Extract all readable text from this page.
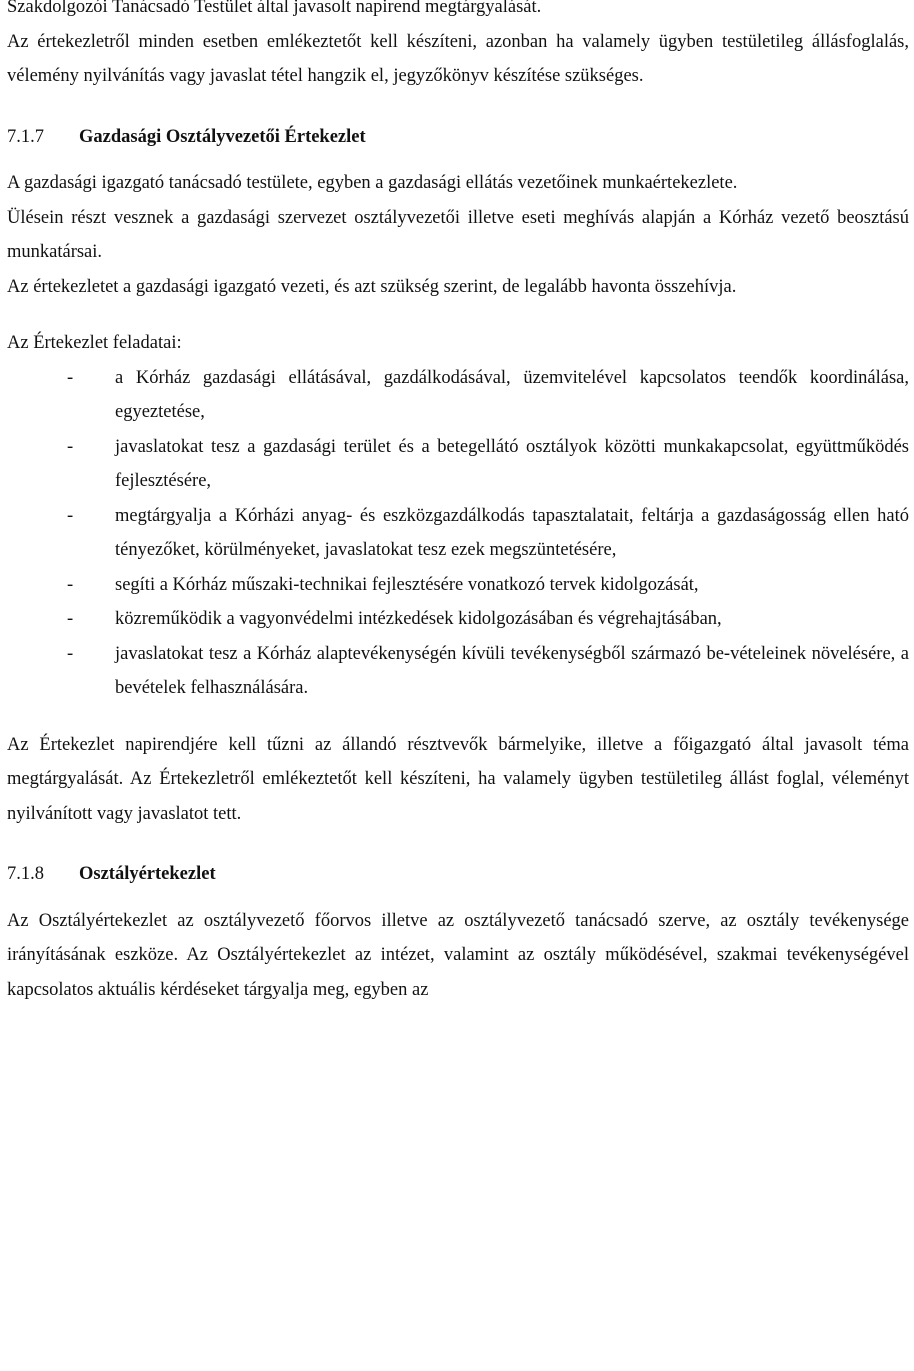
Szakdolgozói Tanácsadó Testület által javasolt napirend megtárgyalását.

Az értekezletről minden esetben emlékeztetőt kell készíteni, azonban ha valamely ügyben testületileg állásfoglalás, vélemény nyilvánítás vagy javaslat tétel hangzik el, jegyzőkönyv készítése szükséges.

7.1.7 Gazdasági Osztályvezetői Értekezlet

A gazdasági igazgató tanácsadó testülete, egyben a gazdasági ellátás vezetőinek munkaértekezlete.

Ülésein részt vesznek a gazdasági szervezet osztályvezetői illetve eseti meghívás alapján a Kórház vezető beosztású munkatársai.

Az értekezletet a gazdasági igazgató vezeti, és azt szükség szerint, de legalább havonta összehívja.

Az Értekezlet feladatai:

- a Kórház gazdasági ellátásával, gazdálkodásával, üzemvitelével kapcsolatos teendők koordinálása, egyeztetése,
- javaslatokat tesz a gazdasági terület és a betegellátó osztályok közötti munkakapcsolat, együttműködés fejlesztésére,
- megtárgyalja a Kórházi anyag- és eszközgazdálkodás tapasztalatait, feltárja a gazdaságosság ellen ható tényezőket, körülményeket, javaslatokat tesz ezek megszüntetésére,
- segíti a Kórház műszaki-technikai fejlesztésére vonatkozó tervek kidolgozását,
- közreműködik a vagyonvédelmi intézkedések kidolgozásában és végrehajtásában,
- javaslatokat tesz a Kórház alaptevékenységén kívüli tevékenységből származó be-vételeinek növelésére, a bevételek felhasználására.

Az Értekezlet napirendjére kell tűzni az állandó résztvevők bármelyike, illetve a főigazgató által javasolt téma megtárgyalását. Az Értekezletről emlékeztetőt kell készíteni, ha valamely ügyben testületileg állást foglal, véleményt nyilvánított vagy javaslatot tett.

7.1.8 Osztályértekezlet

Az Osztályértekezlet az osztályvezető főorvos illetve az osztályvezető tanácsadó szerve, az osztály tevékenysége irányításának eszköze. Az Osztályértekezlet az intézet, valamint az osztály működésével, szakmai tevékenységével kapcsolatos aktuális kérdéseket tárgyalja meg, egyben az
